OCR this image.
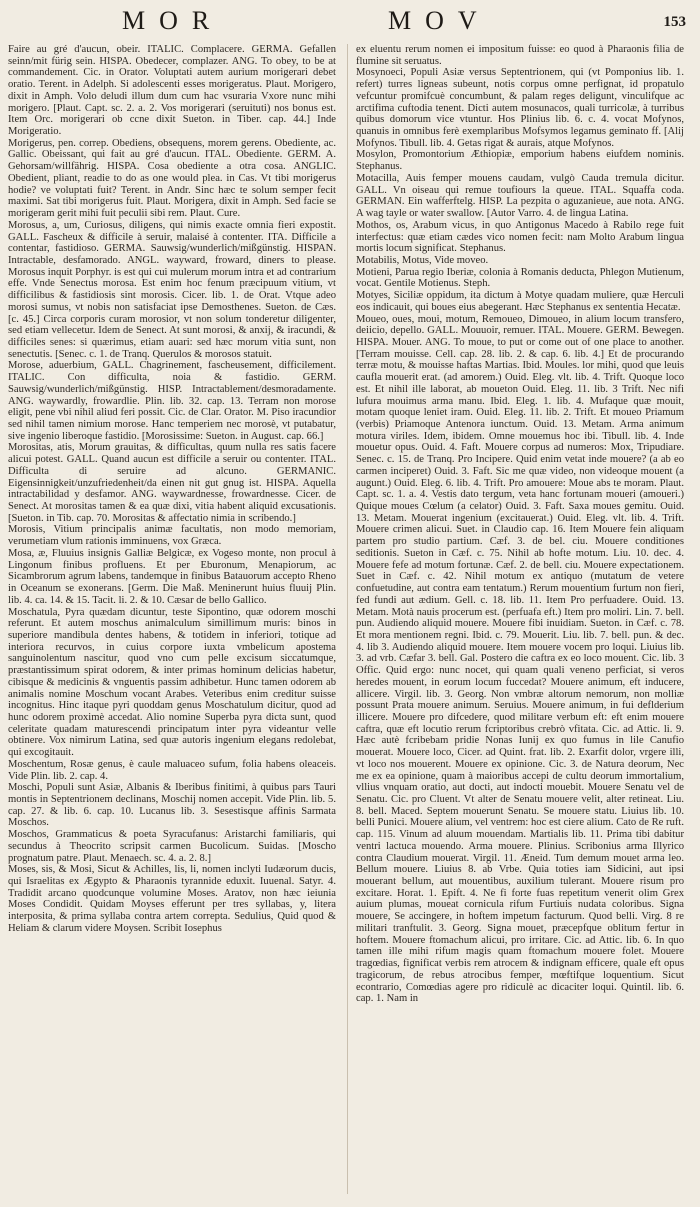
MOR	MOV	153

Faire au gré d'aucun, obeir. ITALIC. Complacere. GERMA. Gefallen seinn/mit fürig sein. HISPA. Obedecer, complazer. ANG. To obey, to be at commandement. Cic. in Orator. Voluptati autem aurium morigerari debet oratio. Terent. in Adelph. Si adolescenti esses morigeratus. Plaut. Morigero, dixit in Amph. Volo deludi illum dum cum hac vsuraria Vxore nunc mihi morigero. [Plaut. Capt. sc. 2. a. 2. Vos morigerari (seruituti) nos bonus est. Item Orc. morigerari ob ccne dixit Sueton. in Tiber. cap. 44.] Inde Morigeratio.

Morigerus, pen. correp. Obediens, obsequens, morem gerens. Obediente, ac. Gallic. Obeissant, qui fait au gré d'aucun. ITAL. Obediente. GERM. A. Gehorsam/willfährig. HISPA. Cosa obediente a otra cosa. ANGLIC. Obedient, pliant, readie to do as one would plea. in Cas. Vt tibi morigerus hodie? ve voluptati fuit? Terent. in Andr. Sinc hæc te solum semper fecit maximi. Sat tibi morigerus fuit. Plaut. Morigera, dixit in Amph. Sed facie se morigeram gerit mihi fuit peculii sibi rem. Plaut. Cure.

Morosus, a, um, Curiosus, diligens, qui nimis exacte omnia fieri expostit. GALL. Fascheux & difficile à seruir, malaisé à contenter. ITA. Difficile a contentar, fastidioso. GERMA. Sauwsig/wunderlich/mißgünstig. HISPAN. Intractable, desfamorado. ANGL. wayward, froward, diners to please. Morosus inquit Porphyr. is est qui cui mulerum morum intra et ad contrarium effe. Vnde Senectus morosa. Est enim hoc fenum præcipuum vitium, vt difficilibus & fastidiosis sint morosis. Cicer. lib. 1. de Orat. Vtque adeo morosi sumus, vt nobis non satisfaciat ipse Demosthenes. Sueton. de Cæs. [c. 45.] Circa corporis curam morosior, vt non solum tonderetur diligenter, sed etiam vellecetur. Idem de Senect. At sunt morosi, & anxij, & iracundi, & difficiles senes: si quærimus, etiam auari: sed hæc morum vitia sunt, non senectutis. [Senec. c. 1. de Tranq. Querulos & morosos statuit.

Morose, aduerbium, GALL. Chagrinement, fascheusement, difficilement. ITALIC. Con difficulta, noia & fastidio. GERM. Sauwsig/wunderlich/mißgünstig. HISP. Intractablement/desmoradamente. ANG. waywardly, frowardlie. Plin. lib. 32. cap. 13. Terram non morose eligit, pene vbi nihil aliud feri possit. Cic. de Clar. Orator. M. Piso iracundior sed nihil tamen nimium morose. Hanc temperiem nec morosè, vt putabatur, sive ingenio liberoque fastidio. [Morosissime: Sueton. in August. cap. 66.]

Morositas, atis, Morum grauitas, & difficultas, quum nulla res satis facere alicui potest. GALL. Quand aucun est difficile a seruir ou contenter. ITAL. Difficulta di seruire ad alcuno. GERMANIC. Eigensinnigkeit/unzufriedenheit/da einen nit gut gnug ist. HISPA. Aquella intractabilidad y desfamor. ANG. waywardnesse, frowardnesse. Cicer. de Senect. At morositas tamen & ea quæ dixi, vitia habent aliquid excusationis. [Sueton. in Tib. cap. 70. Morositas & affectatio nimia in scribendo.]

Morosis, Vitium principalis animæ facultatis, non modo memoriam, verumetiam vlum rationis imminuens, vox Græca.

Mosa, æ, Fluuius insignis Galliæ Belgicæ, ex Vogeso monte, non procul à Lingonum finibus profluens. Et per Eburonum, Menapiorum, ac Sicambrorum agrum labens, tandemque in finibus Batauorum accepto Rheno in Oceanum se exonerans. [Germ. Die Maß. Meninerunt huius fluuij Plin. lib. 4. ca. 14. & 15. Tacit. li. 2. & 10. Cæsar de bello Gallico.

Moschatula, Pyra quædam dicuntur, teste Sipontino, quæ odorem moschi referunt. Et autem moschus animalculum simillimum muris: binos in superiore mandibula dentes habens, & totidem in inferiori, totique ad interiora recurvos, in cuius corpore iuxta vmbelicum apostema sanguinolentum nascitur, quod vno cum pelle excisum siccatumque, præstantissimum spirat odorem, & inter primas hominum delicias habetur, cibisque & medicinis & vnguentis passim adhibetur. Hunc tamen odorem ab animalis nomine Moschum vocant Arabes. Veteribus enim creditur suisse incognitus. Hinc itaque pyri quoddam genus Moschatulum dicitur, quod ad hunc odorem proximè accedat. Alio nomine Superba pyra dicta sunt, quod celeritate quadam maturescendi principatum inter pyra videantur velle obtinere. Vox nimirum Latina, sed quæ autoris ingenium elegans redolebat, qui excogitauit.

Moschentum, Rosæ genus, è caule maluaceo sufum, folia habens oleaceis. Vide Plin. lib. 2. cap. 4.

Moschi, Populi sunt Asiæ, Albanis & Iberibus finitimi, à quibus pars Tauri montis in Septentrionem declinans, Moschij nomen accepit. Vide Plin. lib. 5. cap. 27. & lib. 6. cap. 10. Lucanus lib. 3. Sesestisque affinis Sarmata Moschos.

Moschos, Grammaticus & poeta Syracufanus: Aristarchi familiaris, qui secundus à Theocrito scripsit carmen Bucolicum. Suidas. [Moscho prognatum patre. Plaut. Menaech. sc. 4. a. 2. 8.]

Moses, sis, & Mosi, Sicut & Achilles, lis, li, nomen inclyti Iudæorum ducis, qui Israelitas ex Ægypto & Pharaonis tyrannide eduxit. Iuuenal. Satyr. 4. Tradidit arcano quodcunque volumine Moses. Aratov, non hæc ieiunia Moses Condidit. Quidam Moyses efferunt per tres syllabas, y, litera interposita, & prima syllaba contra artem correpta. Sedulius, Quid quod & Heliam & clarum videre Moysen. Scribit Iosephus

ex eluentu rerum nomen ei impositum fuisse: eo quod à Pharaonis filia de flumine sit seruatus.

Mosynoeci, Populi Asiæ versus Septentrionem, qui (vt Pomponius lib. 1. refert) turres ligneas subeunt, notis corpus omne perfignat, id propatulo vefcuntur promifcuè concumbunt, & palam reges deligunt, vinculifque ac arctifima cuftodia tenent. Dicti autem mosunacos, quali turricolæ, à turribus quibus domorum vice vtuntur. Hos Plinius lib. 6. c. 4. vocat Mofynos, quanuis in omnibus ferè exemplaribus Mofsymos legamus geminato ff. [Alij Mofynos. Tibull. lib. 4. Getas rigat & aurais, atque Mofynos.

Mosylon, Promontorium Æthiopiæ, emporium habens eiufdem nominis. Stephanus.

Motacilla, Auis femper mouens caudam, vulgò Cauda tremula dicitur. GALL. Vn oiseau qui remue toufiours la queue. ITAL. Squaffa coda. GERMAN. Ein wafferftelg. HISP. La pezpita o aguzanieue, aue nota. ANG. A wag tayle or water swallow. [Autor Varro. 4. de lingua Latina.

Mothos, os, Arabum vicus, in quo Antigonus Macedo à Rabilo rege fuit interfectus: quæ etiam cædes vico nomen fecit: nam Molto Arabum lingua mortis locum significat. Stephanus.

Motabilis, Motus, Vide moveo.

Motieni, Parua regio Iberiæ, colonia à Romanis deducta, Phlegon Mutienum, vocat. Gentile Motienus. Steph.

Motyes, Siciliæ oppidum, ita dictum à Motye quadam muliere, quæ Herculi eos indicauit, qui boues eius abegerant. Hæc Stephanus ex sententia Hecatæ.

Moueo, oues, moui, motum, Remoueo, Dimoueo, in alium locum transfero, deiicio, depello. GALL. Mouuoir, remuer. ITAL. Mouere. GERM. Bewegen. HISPA. Mouer. ANG. To moue, to put or come out of one place to another. [Terram mouisse. Cell. cap. 28. lib. 2. & cap. 6. lib. 4.] Et de procurando terræ motu, & mouisse haftas Martias. Ibid. Moules. lor mihi, quod que leuis caufla mouerit erat. (ad amorem.) Ouid. Eleg. vlt. lib. 4. Trift. Quoque loco est. Et nihil ille laborat, ab moueton Ouid. Eleg. 11. lib. 3 Trift. Nec nifi lufura mouimus arma manu. Ibid. Eleg. 1. lib. 4. Mufaque quæ mouit, motam quoque leniet iram. Ouid. Eleg. 11. lib. 2. Trift. Et moueo Priamum (verbis) Priamoque Antenora iunctum. Ouid. 13. Metam. Arma animum motura viriles. Idem, ibidem. Omne mouemus hoc ibi. Tibull. lib. 4. Inde mouetur opus. Ouid. 4. Faft. Mouere corpus ad numeros: Mox, Tripudiare. Senec. c. 15. de Tranq. Pro Incipere. Quid enim vetat inde mouere? (a ab eo carmen inciperet) Ouid. 3. Faft. Sic me quæ video, non videoque mouent (a augunt.) Ouid. Eleg. 6. lib. 4. Trift. Pro amouere: Moue abs te moram. Plaut. Capt. sc. 1. a. 4. Vestis dato tergum, veta hanc fortunam moueri (amoueri.) Quique moues Cœlum (a celator) Ouid. 3. Faft. Saxa moues gemitu. Ouid. 13. Metam. Mouerat ingenium (excitauerat.) Ouid. Eleg. vlt. lib. 4. Trift. Mouere crimen alicui. Suet. in Claudio cap. 16. Item Mouere fein aliquam partem pro studio partium. Cæf. 3. de bel. ciu. Mouere conditiones seditionis. Sueton in Cæf. c. 75. Nihil ab hofte motum. Liu. 10. dec. 4. Mouere fefe ad motum fortunæ. Cæf. 2. de bell. ciu. Mouere expectationem. Suet in Cæf. c. 42. Nihil motum ex antiquo (mutatum de vetere confuetudine, aut contra eam tentatum.) Rerum mouentium furtum non fieri, fed fundi aut ædium. Gell. c. 18. lib. 11. Item Pro perfuadere. Ouid. 13. Metam. Motà nauis procerum est. (perfuafa eft.) Item pro moliri. Lin. 7. bell. pun. Audiendo aliquid mouere. Mouere fibi inuidiam. Sueton. in Cæf. c. 78. Et mora mentionem regni. Ibid. c. 79. Mouerit. Liu. lib. 7. bell. pun. & dec. 4. lib 3. Audiendo aliquid mouere. Item mouere vocem pro loqui. Liuius lib. 3. ad vrb. Cæfar 3. bell. Gal. Postero die caftra ex eo loco mouent. Cic. lib. 3 Offic. Quid ergo: nunc nocet, qui quam quali veneno perficiat, si veros heredes mouent, in eorum locum fuccedat? Mouere animum, eft inducere, allicere. Virgil. lib. 3. Georg. Non vmbræ altorum nemorum, non molliæ possunt Prata mouere animum. Seruius. Mouere animum, in fui deflderium illicere. Mouere pro difcedere, quod militare verbum eft: eft enim mouere caftra, quæ eft locutio rerum fcriptoribus crebrò vfitata. Cic. ad Attic. li. 9. Hæc autè fcribebam pridie Nonas Iunij ex quo fumus in lile Canufio mouerat. Mouere loco, Cicer. ad Quint. frat. lib. 2. Exarfit dolor, vrgere illi, vt loco nos mouerent. Mouere ex opinione. Cic. 3. de Natura deorum, Nec me ex ea opinione, quam à maioribus accepi de cultu deorum immortalium, vllius vnquam oratio, aut docti, aut indocti mouebit. Mouere Senatu vel de Senatu. Cic. pro Cluent. Vt alter de Senatu mouere velit, alter retineat. Liu. 8. bell. Maced. Septem mouerunt Senatu. Se mouere statu. Liuius lib. 10. belli Punici. Mouere alium, vel ventrem: hoc est ciere alium. Cato de Re ruft. cap. 115. Vinum ad aluum mouendam. Martialis lib. 11. Prima tibi dabitur ventri lactuca mouendo. Arma mouere. Plinius. Scribonius arma Illyrico contra Claudium mouerat. Virgil. 11. Æneid. Tum demum mouet arma leo. Bellum mouere. Liuius 8. ab Vrbe. Quia toties iam Sidicini, aut ipsi mouerant bellum, aut mouentibus, auxilium tulerant. Mouere risum pro excitare. Horat. 1. Epift. 4. Ne fi forte fuas repetitum venerit olim Grex auium plumas, moueat cornicula rifum Furtiuis nudata coloribus. Signa mouere, Se accingere, in hoftem impetum facturum. Quod belli. Virg. 8 re militari tranftulit. 3. Georg. Signa mouet, præcepfque oblitum fertur in hoftem. Mouere ftomachum alicui, pro irritare. Cic. ad Attic. lib. 6. In quo tamen ille mihi rifum magis quam ftomachum mouere folet. Mouere tragœdias, fignificat verbis rem atrocem & indignam efficere, quale eft opus tragicorum, de rebus atrocibus femper, mœftifque loquentium. Sicut econtrario, Comœdias agere pro ridiculè ac dicaciter loqui. Quintil. lib. 6. cap. 1. Nam in
